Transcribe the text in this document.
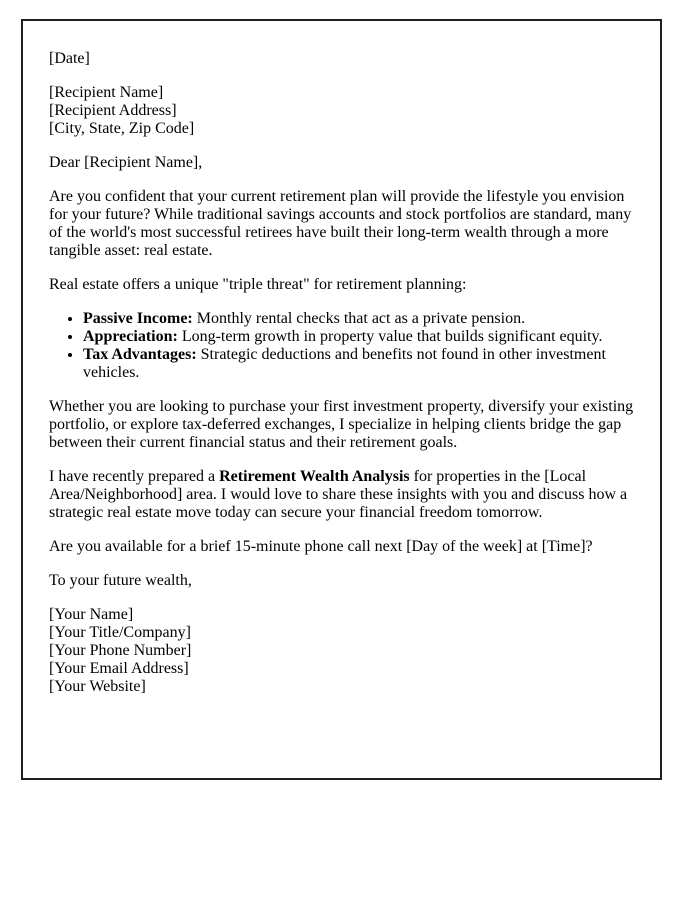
[Date]

[Recipient Name]
[Recipient Address]
[City, State, Zip Code]

Dear [Recipient Name],

Are you confident that your current retirement plan will provide the lifestyle you envision for your future? While traditional savings accounts and stock portfolios are standard, many of the world's most successful retirees have built their long-term wealth through a more tangible asset: real estate.

Real estate offers a unique "triple threat" for retirement planning:

• Passive Income: Monthly rental checks that act as a private pension.
• Appreciation: Long-term growth in property value that builds significant equity.
• Tax Advantages: Strategic deductions and benefits not found in other investment vehicles.

Whether you are looking to purchase your first investment property, diversify your existing portfolio, or explore tax-deferred exchanges, I specialize in helping clients bridge the gap between their current financial status and their retirement goals.

I have recently prepared a Retirement Wealth Analysis for properties in the [Local Area/Neighborhood] area. I would love to share these insights with you and discuss how a strategic real estate move today can secure your financial freedom tomorrow.

Are you available for a brief 15-minute phone call next [Day of the week] at [Time]?

To your future wealth,

[Your Name]
[Your Title/Company]
[Your Phone Number]
[Your Email Address]
[Your Website]
